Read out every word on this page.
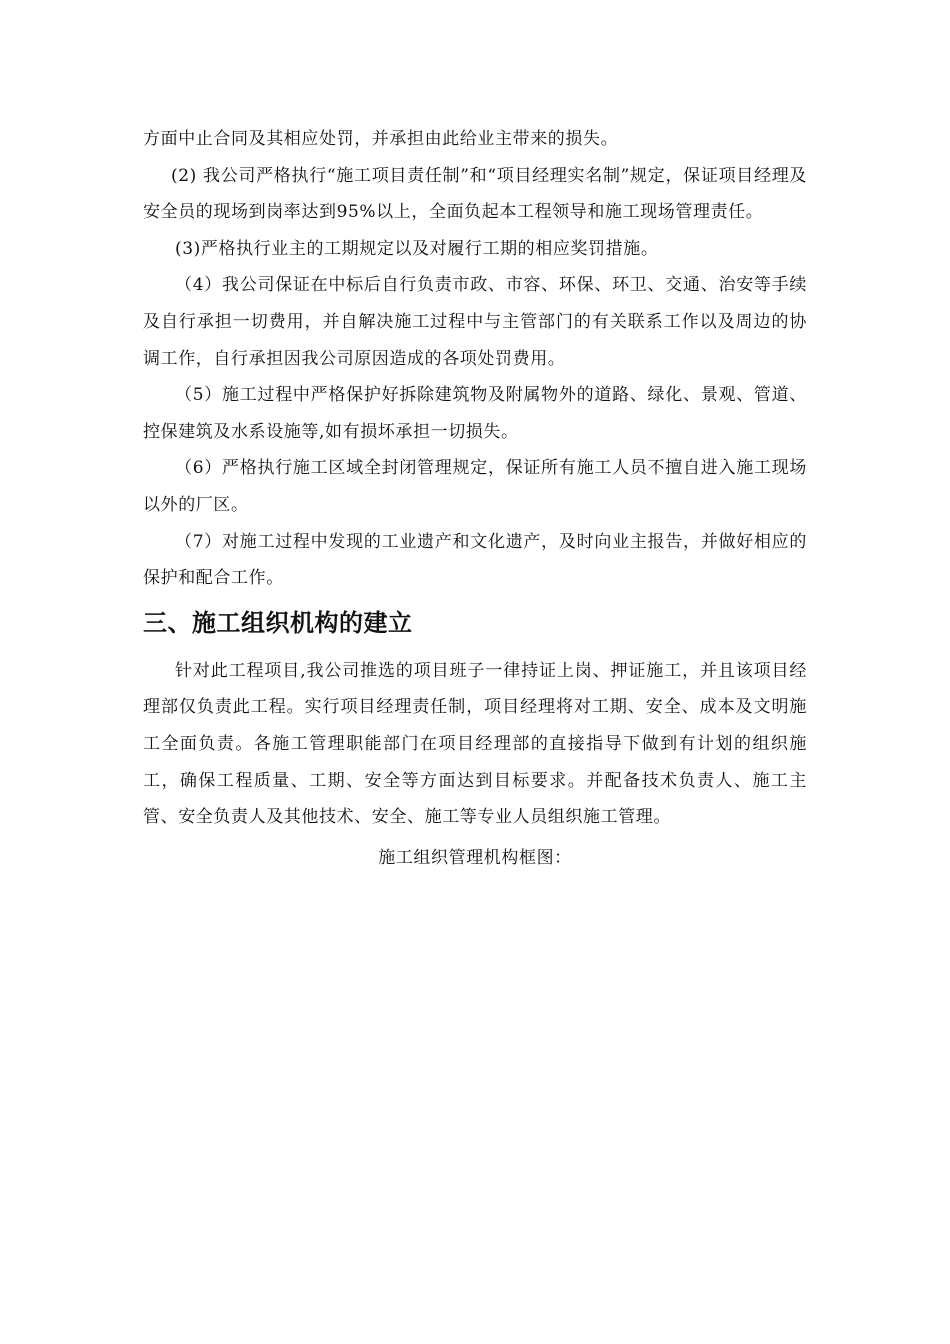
方面中止合同及其相应处罚，并承担由此给业主带来的损失。

(2) 我公司严格执行“施工项目责任制”和“项目经理实名制”规定，保证项目经理及安全员的现场到岗率达到95%以上，全面负起本工程领导和施工现场管理责任。

(3)严格执行业主的工期规定以及对履行工期的相应奖罚措施。

（4）我公司保证在中标后自行负责市政、市容、环保、环卫、交通、治安等手续及自行承担一切费用，并自解决施工过程中与主管部门的有关联系工作以及周边的协调工作，自行承担因我公司原因造成的各项处罚费用。

（5）施工过程中严格保护好拆除建筑物及附属物外的道路、绿化、景观、管道、控保建筑及水系设施等,如有损坏承担一切损失。

（6）严格执行施工区域全封闭管理规定，保证所有施工人员不擅自进入施工现场以外的厂区。

（7）对施工过程中发现的工业遗产和文化遗产，及时向业主报告，并做好相应的保护和配合工作。

三、施工组织机构的建立

针对此工程项目,我公司推选的项目班子一律持证上岗、押证施工，并且该项目经理部仅负责此工程。实行项目经理责任制，项目经理将对工期、安全、成本及文明施工全面负责。各施工管理职能部门在项目经理部的直接指导下做到有计划的组织施工，确保工程质量、工期、安全等方面达到目标要求。并配备技术负责人、施工主管、安全负责人及其他技术、安全、施工等专业人员组织施工管理。

施工组织管理机构框图：
